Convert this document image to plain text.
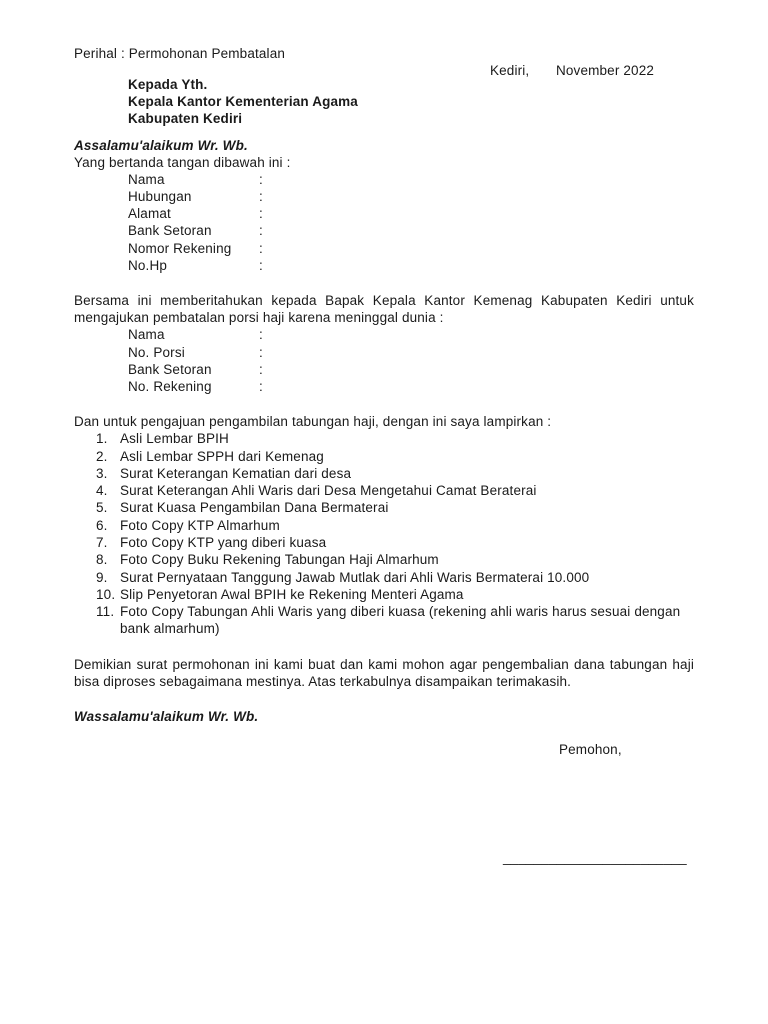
Perihal : Permohonan Pembatalan
Kediri, November 2022
Kepada Yth.
Kepala Kantor Kementerian Agama
Kabupaten Kediri
Assalamu'alaikum Wr. Wb.
Yang bertanda tangan dibawah ini :
Nama	:
Hubungan	:
Alamat	:
Bank Setoran	:
Nomor Rekening :
No.Hp	:
Bersama ini memberitahukan kepada Bapak Kepala Kantor Kemenag Kabupaten Kediri untuk mengajukan pembatalan porsi haji karena meninggal dunia :
Nama	:
No. Porsi	:
Bank Setoran	:
No. Rekening	:
Dan untuk pengajuan pengambilan tabungan haji, dengan ini saya lampirkan :
1. Asli Lembar BPIH
2. Asli Lembar SPPH dari Kemenag
3. Surat Keterangan Kematian dari desa
4. Surat Keterangan Ahli Waris dari Desa Mengetahui Camat Beraterai
5. Surat Kuasa Pengambilan Dana Bermaterai
6. Foto Copy KTP Almarhum
7. Foto Copy KTP yang diberi kuasa
8. Foto Copy Buku Rekening Tabungan Haji Almarhum
9. Surat Pernyataan Tanggung Jawab Mutlak dari Ahli Waris Bermaterai 10.000
10. Slip Penyetoran Awal BPIH ke Rekening Menteri Agama
11. Foto Copy Tabungan Ahli Waris yang diberi kuasa (rekening ahli waris harus sesuai dengan bank almarhum)
Demikian surat permohonan ini kami buat dan kami mohon agar pengembalian dana tabungan haji bisa diproses sebagaimana mestinya. Atas terkabulnya disampaikan terimakasih.
Wassalamu'alaikum Wr. Wb.
Pemohon,
________________________
